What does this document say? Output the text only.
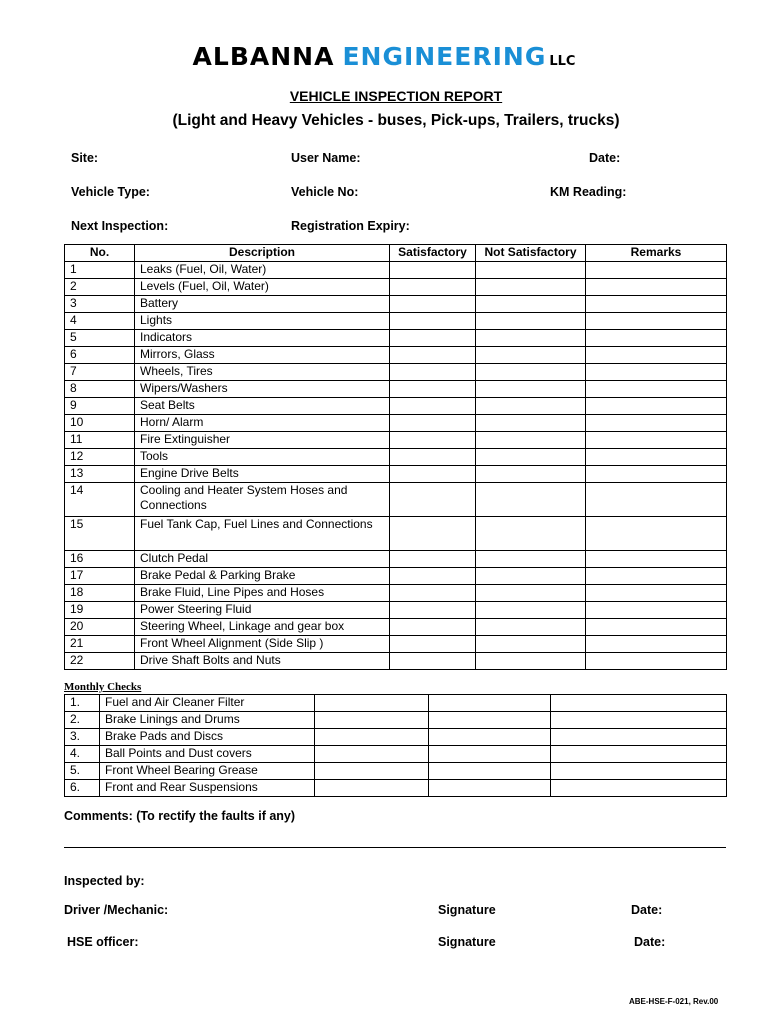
ALBANNA ENGINEERING LLC
VEHICLE INSPECTION REPORT
(Light and Heavy Vehicles - buses, Pick-ups, Trailers, trucks)
Site:	User Name:	Date:
Vehicle Type:	Vehicle No:	KM Reading:
Next Inspection:	Registration Expiry:
No.	Description	Satisfactory	Not Satisfactory	Remarks
1	Leaks (Fuel, Oil, Water)			
2	Levels (Fuel, Oil, Water)			
3	Battery			
4	Lights			
5	Indicators			
6	Mirrors, Glass			
7	Wheels, Tires			
8	Wipers/Washers			
9	Seat Belts			
10	Horn/ Alarm			
11	Fire Extinguisher			
12	Tools			
13	Engine Drive Belts			
14	Cooling and Heater System Hoses and Connections			
15	Fuel Tank Cap, Fuel Lines and Connections			
16	Clutch Pedal			
17	Brake Pedal & Parking Brake			
18	Brake Fluid, Line Pipes and Hoses			
19	Power Steering Fluid			
20	Steering Wheel, Linkage and gear box			
21	Front Wheel Alignment (Side Slip )			
22	Drive Shaft Bolts and Nuts			
Monthly Checks
1.	Fuel and Air Cleaner Filter			
2.	Brake Linings and Drums			
3.	Brake Pads and Discs			
4.	Ball Points and Dust covers			
5.	Front Wheel Bearing Grease			
6.	Front and Rear Suspensions			
Comments: (To rectify the faults if any)
Inspected by:
Driver /Mechanic:	Signature	Date:
HSE officer:	Signature	Date:
ABE-HSE-F-021, Rev.00
